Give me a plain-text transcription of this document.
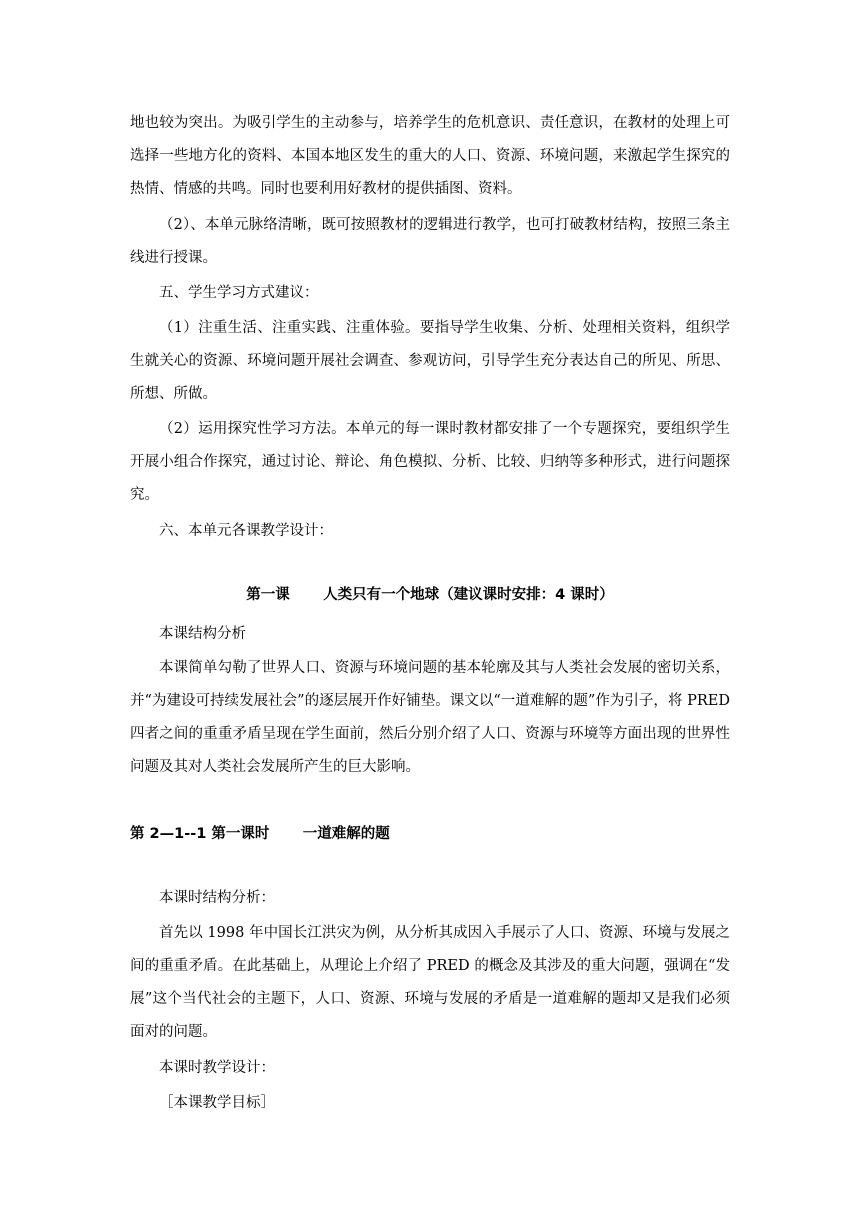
地也较为突出。为吸引学生的主动参与，培养学生的危机意识、责任意识，在教材的处理上可选择一些地方化的资料、本国本地区发生的重大的人口、资源、环境问题，来激起学生探究的热情、情感的共鸣。同时也要利用好教材的提供插图、资料。

（2）、本单元脉络清晰，既可按照教材的逻辑进行教学，也可打破教材结构，按照三条主线进行授课。

五、学生学习方式建议：

（1）注重生活、注重实践、注重体验。要指导学生收集、分析、处理相关资料，组织学生就关心的资源、环境问题开展社会调查、参观访问，引导学生充分表达自己的所见、所思、所想、所做。

（2）运用探究性学习方法。本单元的每一课时教材都安排了一个专题探究，要组织学生开展小组合作探究，通过讨论、辩论、角色模拟、分析、比较、归纳等多种形式，进行问题探究。

六、本单元各课教学设计：

第一课 人类只有一个地球（建议课时安排：4 课时）

本课结构分析

本课简单勾勒了世界人口、资源与环境问题的基本轮廓及其与人类社会发展的密切关系，并“为建设可持续发展社会”的逐层展开作好铺垫。课文以“一道难解的题”作为引子，将 PRED 四者之间的重重矛盾呈现在学生面前，然后分别介绍了人口、资源与环境等方面出现的世界性问题及其对人类社会发展所产生的巨大影响。

第 2—1--1 第一课时 一道难解的题

本课时结构分析：

首先以 1998 年中国长江洪灾为例，从分析其成因入手展示了人口、资源、环境与发展之间的重重矛盾。在此基础上，从理论上介绍了 PRED 的概念及其涉及的重大问题，强调在“发展”这个当代社会的主题下，人口、资源、环境与发展的矛盾是一道难解的题却又是我们必须面对的问题。

本课时教学设计：

［本课教学目标］
